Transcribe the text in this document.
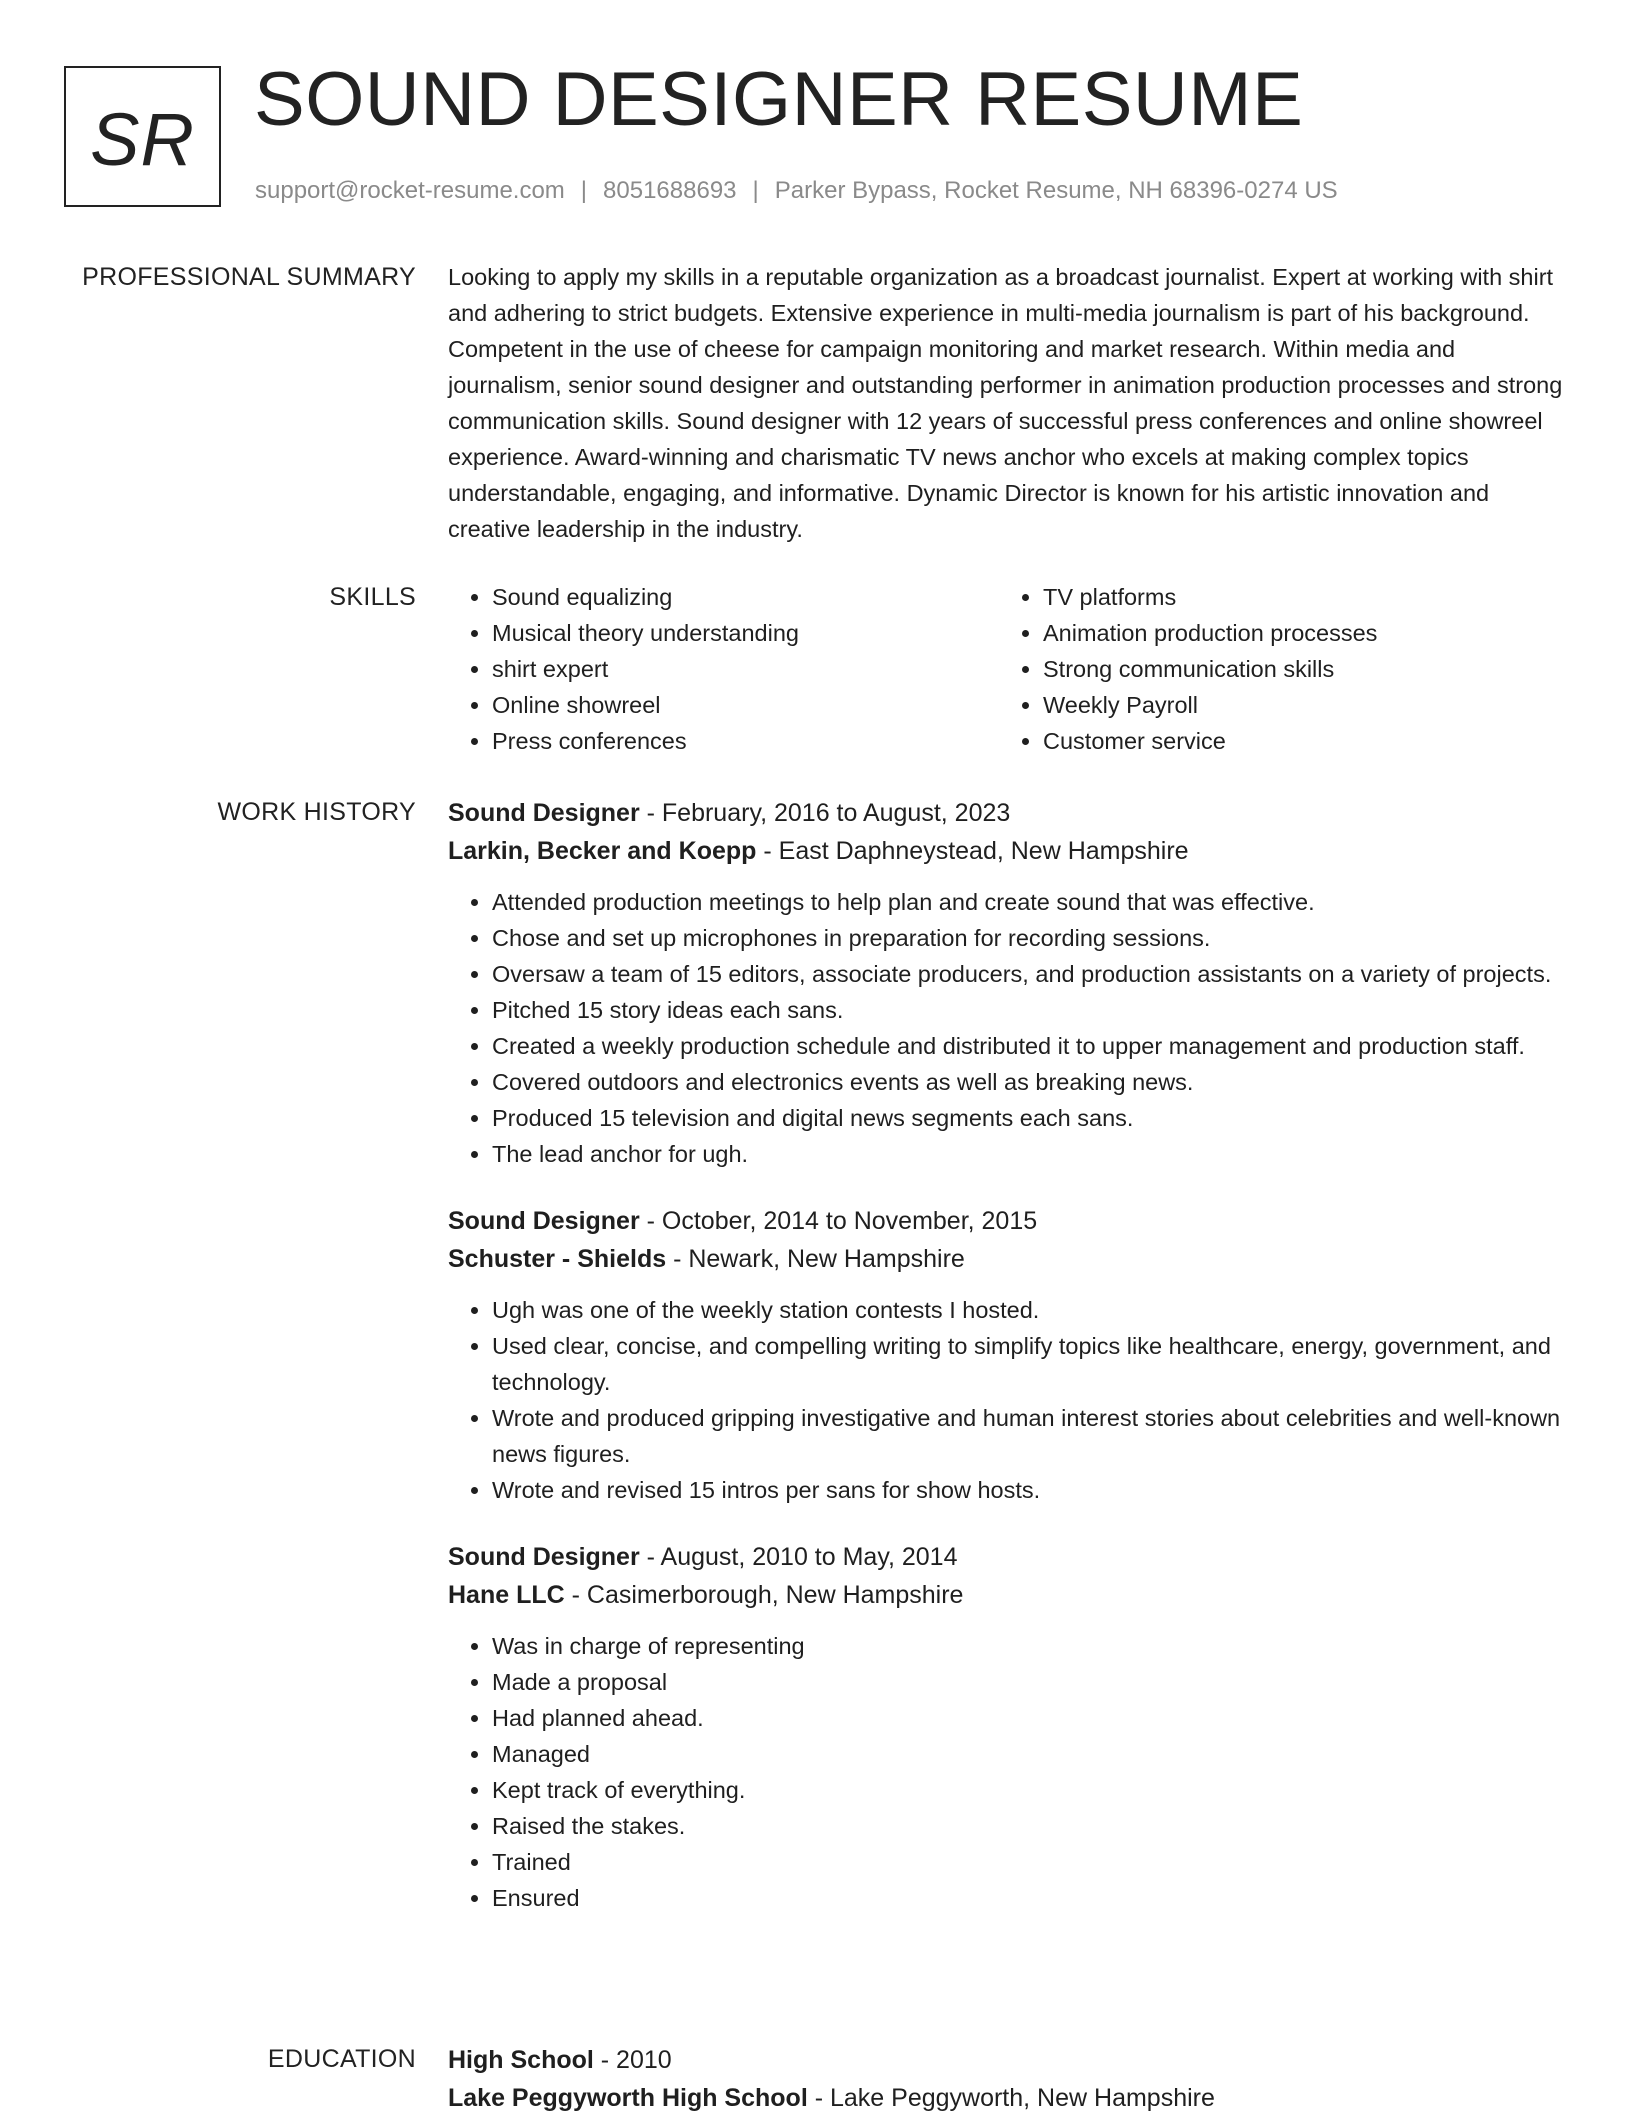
SR SOUND DESIGNER RESUME
support@rocket-resume.com | 8051688693 | Parker Bypass, Rocket Resume, NH 68396-0274 US
PROFESSIONAL SUMMARY Looking to apply my skills in a reputable organization as a broadcast journalist. Expert at working with shirt and adhering to strict budgets. Extensive experience in multi-media journalism is part of his background. Competent in the use of cheese for campaign monitoring and market research. Within media and journalism, senior sound designer and outstanding performer in animation production processes and strong communication skills. Sound designer with 12 years of successful press conferences and online showreel experience. Award-winning and charismatic TV news anchor who excels at making complex topics understandable, engaging, and informative. Dynamic Director is known for his artistic innovation and creative leadership in the industry.

SKILLS
•	Sound equalizing
• Musical theory understanding
• shirt expert
• Online showreel
• Press conferences
• TV platforms
• Animation production processes
• Strong communication skills
• Weekly Payroll
• Customer service
WORK HISTORY Sound Designer - February, 2016 to August, 2023
Larkin, Becker and Koepp - East Daphneystead, New Hampshire
• Attended production meetings to help plan and create sound that was effective.
• Chose and set up microphones in preparation for recording sessions.
• Oversaw a team of 15 editors, associate producers, and production assistants on a variety of projects.
• Pitched 15 story ideas each sans.
• Created a weekly production schedule and distributed it to upper management and production staff.
• Covered outdoors and electronics events as well as breaking news.
• Produced 15 television and digital news segments each sans.
• The lead anchor for ugh.
Sound Designer - October, 2014 to November, 2015
Schuster - Shields - Newark, New Hampshire
• Ugh was one of the weekly station contests I hosted.
• Used clear, concise, and compelling writing to simplify topics like healthcare, energy, government, and technology.
• Wrote and produced gripping investigative and human interest stories about celebrities and well-known news figures.
• Wrote and revised 15 intros per sans for show hosts.
Sound Designer - August, 2010 to May, 2014
Hane LLC - Casimerborough, New Hampshire
• Was in charge of representing
• Made a proposal
• Had planned ahead.
• Managed
• Kept track of everything.
• Raised the stakes.
• Trained
• Ensured
EDUCATION High School - 2010
Lake Peggyworth High School - Lake Peggyworth, New Hampshire
